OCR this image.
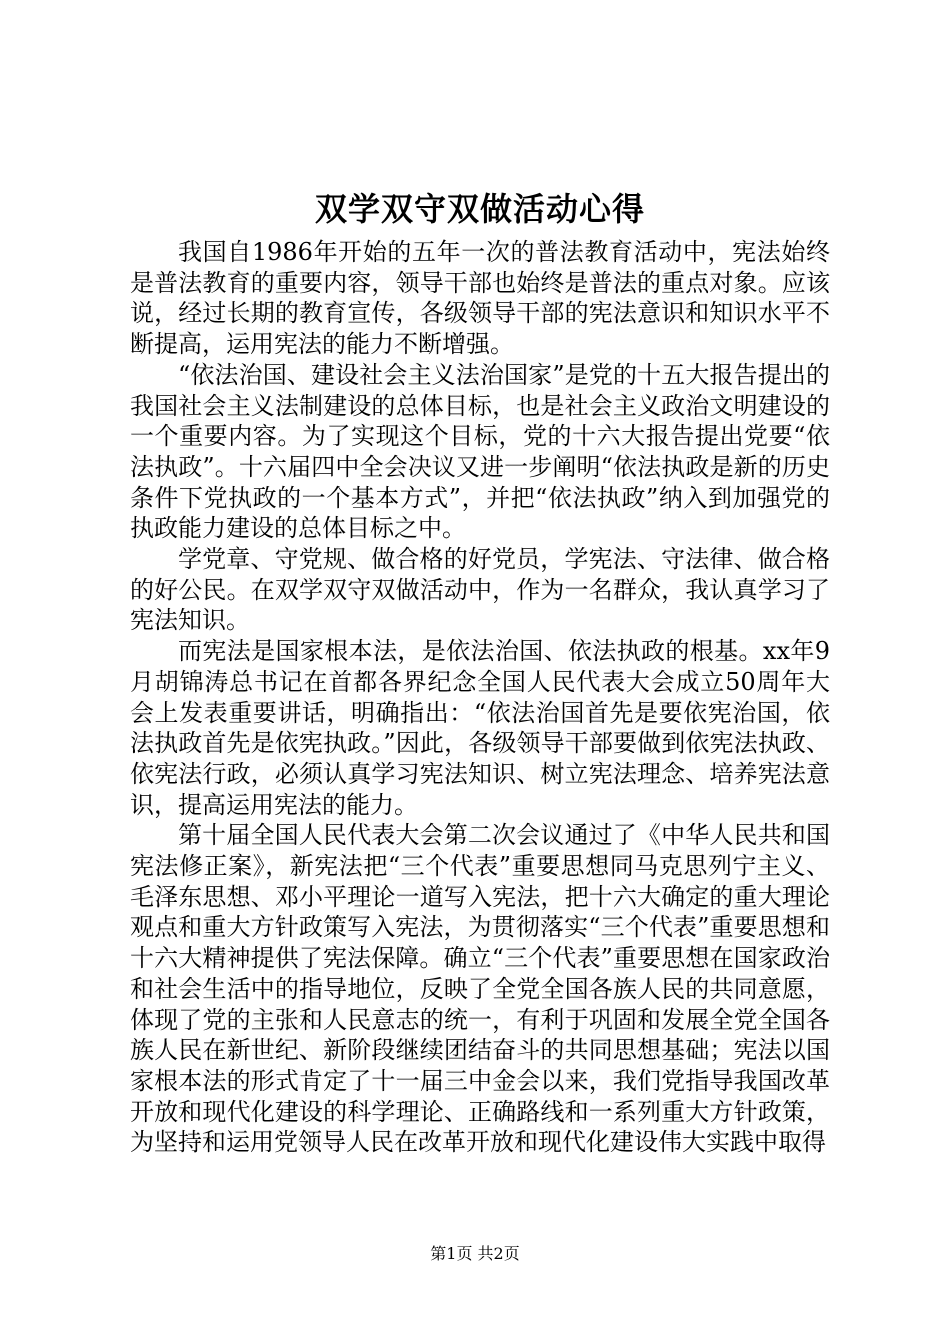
双学双守双做活动心得

我国自1986年开始的五年一次的普法教育活动中，宪法始终是普法教育的重要内容，领导干部也始终是普法的重点对象。应该说，经过长期的教育宣传，各级领导干部的宪法意识和知识水平不断提高，运用宪法的能力不断增强。

“依法治国、建设社会主义法治国家”是党的十五大报告提出的我国社会主义法制建设的总体目标，也是社会主义政治文明建设的一个重要内容。为了实现这个目标，党的十六大报告提出党要“依法执政”。十六届四中全会决议又进一步阐明“依法执政是新的历史条件下党执政的一个基本方式”，并把“依法执政”纳入到加强党的执政能力建设的总体目标之中。

学党章、守党规、做合格的好党员，学宪法、守法律、做合格的好公民。在双学双守双做活动中，作为一名群众，我认真学习了宪法知识。

而宪法是国家根本法，是依法治国、依法执政的根基。xx年9月胡锦涛总书记在首都各界纪念全国人民代表大会成立50周年大会上发表重要讲话，明确指出：“依法治国首先是要依宪治国，依法执政首先是依宪执政。”因此，各级领导干部要做到依宪法执政、依宪法行政，必须认真学习宪法知识、树立宪法理念、培养宪法意识，提高运用宪法的能力。

第十届全国人民代表大会第二次会议通过了《中华人民共和国宪法修正案》，新宪法把“三个代表”重要思想同马克思列宁主义、毛泽东思想、邓小平理论一道写入宪法，把十六大确定的重大理论观点和重大方针政策写入宪法，为贯彻落实“三个代表”重要思想和十六大精神提供了宪法保障。确立“三个代表”重要思想在国家政治和社会生活中的指导地位，反映了全党全国各族人民的共同意愿，体现了党的主张和人民意志的统一，有利于巩固和发展全党全国各族人民在新世纪、新阶段继续团结奋斗的共同思想基础；宪法以国家根本法的形式肯定了十一届三中金会以来，我们党指导我国改革开放和现代化建设的科学理论、正确路线和一系列重大方针政策，为坚持和运用党领导人民在改革开放和现代化建设伟大实践中取得

第1页 共2页
